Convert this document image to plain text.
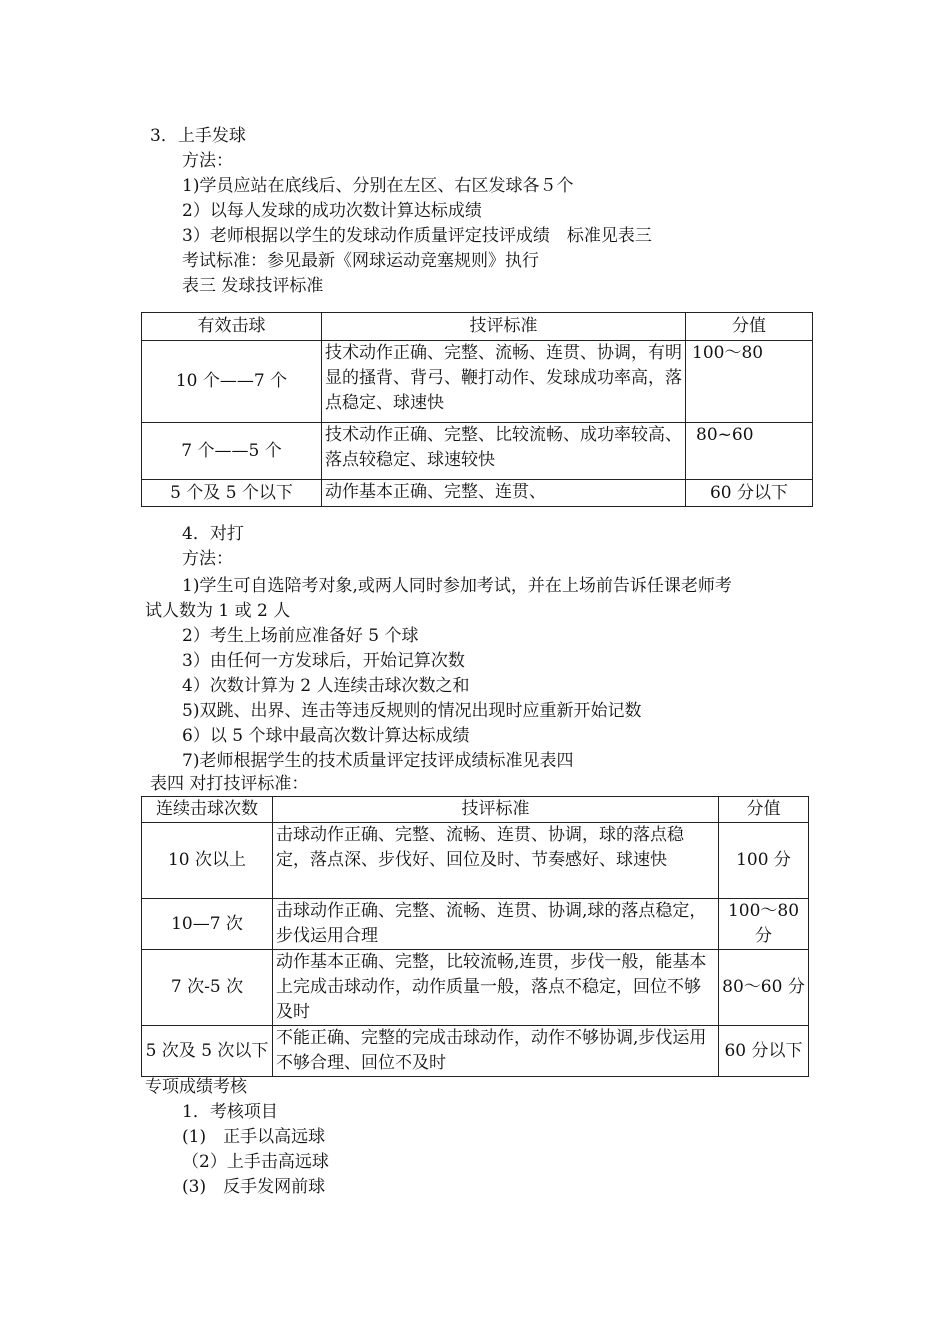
3．上手发球
方法：
1)学员应站在底线后、分别在左区、右区发球各５个
2）以每人发球的成功次数计算达标成绩
3）老师根据以学生的发球动作质量评定技评成绩　标准见表三
考试标准：参见最新《网球运动竞塞规则》执行
表三 发球技评标准
有效击球	技评标准	分值
10 个——7 个	技术动作正确、完整、流畅、连贯、协调，有明显的搔背、背弓、鞭打动作、发球成功率高，落点稳定、球速快	100～80
7 个——5 个	技术动作正确、完整、比较流畅、成功率较高、落点较稳定、球速较快	80~60
5 个及 5 个以下	动作基本正确、完整、连贯、	60 分以下
4．对打
方法：
1)学生可自选陪考对象,或两人同时参加考试，并在上场前告诉任课老师考
试人数为 1 或 2 人
2）考生上场前应准备好 5 个球
3）由任何一方发球后，开始记算次数
4）次数计算为 2 人连续击球次数之和
5)双跳、出界、连击等违反规则的情况出现时应重新开始记数
6）以 5 个球中最高次数计算达标成绩
7)老师根据学生的技术质量评定技评成绩标准见表四
表四 对打技评标准：
连续击球次数	技评标准	分值
10 次以上	击球动作正确、完整、流畅、连贯、协调，球的落点稳定，落点深、步伐好、回位及时、节奏感好、球速快	100 分
10—7 次	击球动作正确、完整、流畅、连贯、协调,球的落点稳定，步伐运用合理	100～80 分
7 次-5 次	动作基本正确、完整，比较流畅,连贯，步伐一般，能基本上完成击球动作，动作质量一般，落点不稳定，回位不够及时	80～60 分
5 次及 5 次以下	不能正确、完整的完成击球动作，动作不够协调,步伐运用不够合理、回位不及时	60 分以下
专项成绩考核
1．考核项目
(1)　正手以高远球
（2）上手击高远球
(3)　反手发网前球
